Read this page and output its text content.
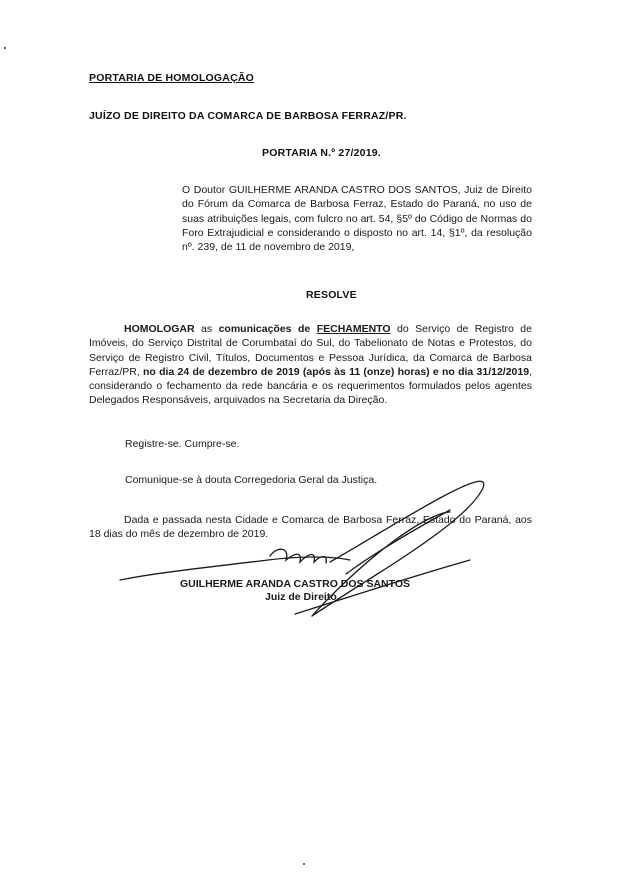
PORTARIA DE HOMOLOGAÇÃO

JUÍZO DE DIREITO DA COMARCA DE BARBOSA FERRAZ/PR.

PORTARIA N.º 27/2019.

O Doutor GUILHERME ARANDA CASTRO DOS SANTOS, Juiz de Direito do Fórum da Comarca de Barbosa Ferraz, Estado do Paraná, no uso de suas atribuições legais, com fulcro no art. 54, §5º do Código de Normas do Foro Extrajudicial e considerando o disposto no art. 14, §1º, da resolução nº. 239, de 11 de novembro de 2019,

RESOLVE

HOMOLOGAR as comunicações de FECHAMENTO do Serviço de Registro de Imóveis, do Serviço Distrital de Corumbataí do Sul, do Tabelionato de Notas e Protestos, do Serviço de Registro Civil, Títulos, Documentos e Pessoa Jurídica, da Comarca de Barbosa Ferraz/PR, no dia 24 de dezembro de 2019 (após às 11 (onze) horas) e no dia 31/12/2019, considerando o fechamento da rede bancária e os requerimentos formulados pelos agentes Delegados Responsáveis, arquivados na Secretaria da Direção.

Registre-se. Cumpre-se.

Comunique-se à douta Corregedoria Geral da Justiça.

Dada e passada nesta Cidade e Comarca de Barbosa Ferraz, Estado do Paraná, aos 18 dias do mês de dezembro de 2019.

GUILHERME ARANDA CASTRO DOS SANTOS

Juiz de Direito
